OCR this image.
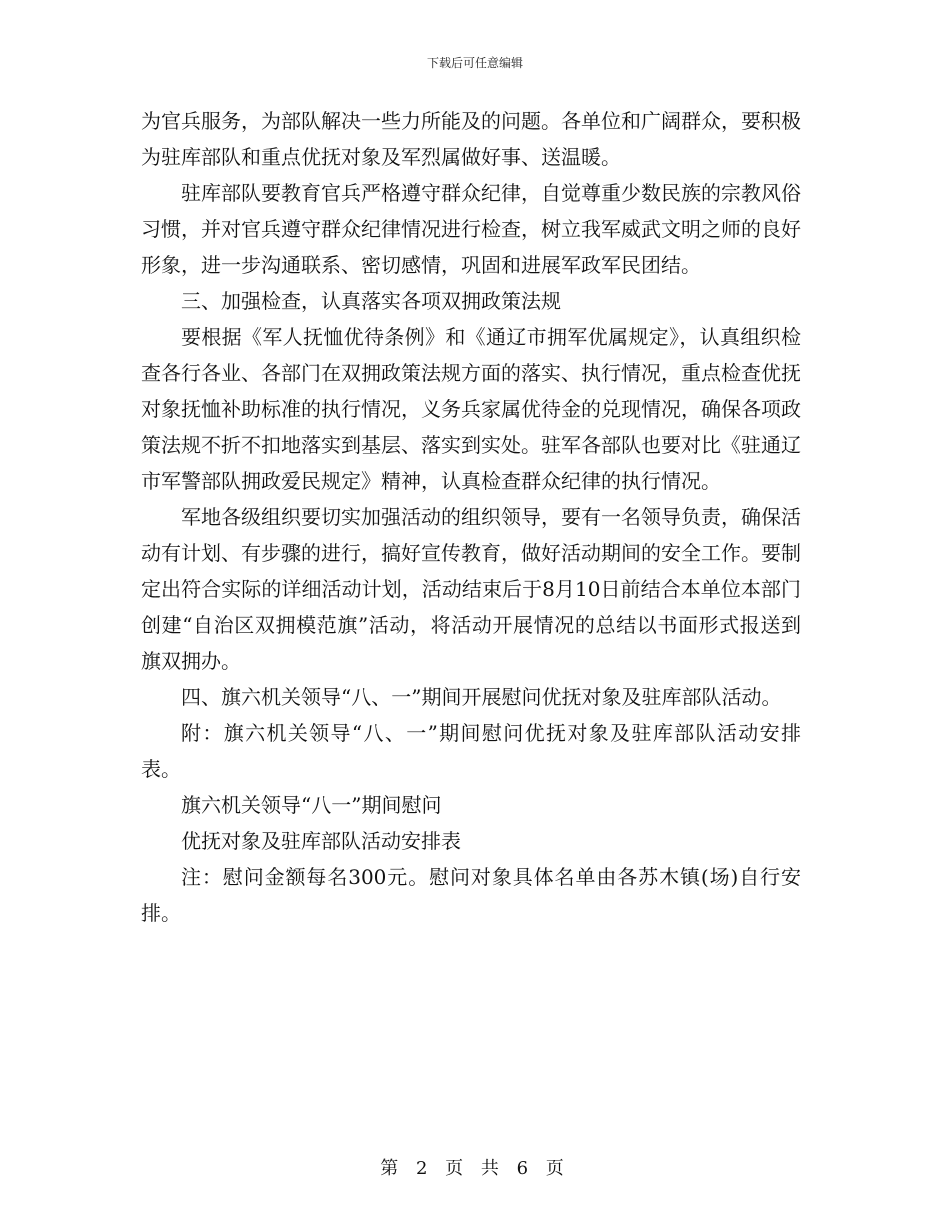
下载后可任意编辑

为官兵服务，为部队解决一些力所能及的问题。各单位和广阔群众，要积极为驻库部队和重点优抚对象及军烈属做好事、送温暖。

驻库部队要教育官兵严格遵守群众纪律，自觉尊重少数民族的宗教风俗习惯，并对官兵遵守群众纪律情况进行检查，树立我军威武文明之师的良好形象，进一步沟通联系、密切感情，巩固和进展军政军民团结。

三、加强检查，认真落实各项双拥政策法规

要根据《军人抚恤优待条例》和《通辽市拥军优属规定》，认真组织检查各行各业、各部门在双拥政策法规方面的落实、执行情况，重点检查优抚对象抚恤补助标准的执行情况，义务兵家属优待金的兑现情况，确保各项政策法规不折不扣地落实到基层、落实到实处。驻军各部队也要对比《驻通辽市军警部队拥政爱民规定》精神，认真检查群众纪律的执行情况。

军地各级组织要切实加强活动的组织领导，要有一名领导负责，确保活动有计划、有步骤的进行，搞好宣传教育，做好活动期间的安全工作。要制定出符合实际的详细活动计划，活动结束后于8月10日前结合本单位本部门创建“自治区双拥模范旗”活动，将活动开展情况的总结以书面形式报送到旗双拥办。

四、旗六机关领导“八、一”期间开展慰问优抚对象及驻库部队活动。

附：旗六机关领导“八、一”期间慰问优抚对象及驻库部队活动安排表。

旗六机关领导“八一”期间慰问

优抚对象及驻库部队活动安排表

注：慰问金额每名300元。慰问对象具体名单由各苏木镇(场)自行安排。

第 2 页 共 6 页
